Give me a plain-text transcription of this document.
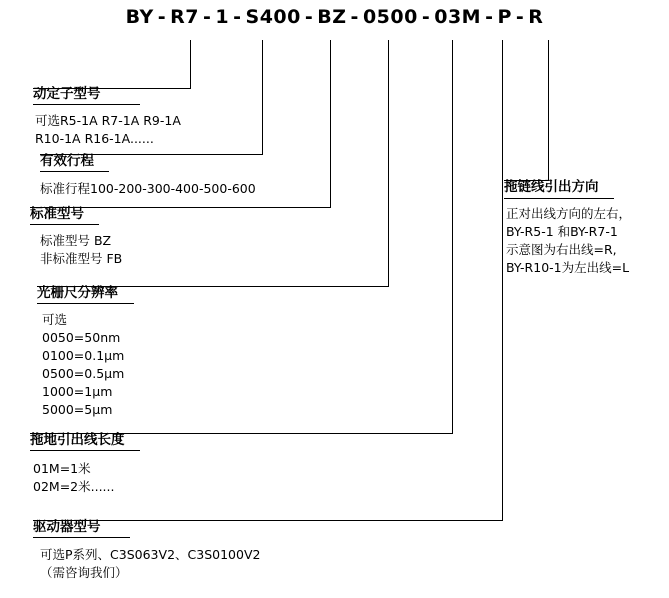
BY - R7 - 1 - S400 - BZ - 0500 - 03M - P - R
动定子型号
可选R5-1A R7-1A R9-1A
R10-1A R16-1A......
有效行程
标准行程100-200-300-400-500-600
标准型号
标准型号 BZ
非标准型号 FB
光栅尺分辨率
可选
0050=50nm
0100=0.1μm
0500=0.5μm
1000=1μm
5000=5μm
拖地引出线长度
01M=1米
02M=2米......
驱动器型号
可选P系列、C3S063V2、C3S0100V2
（需咨询我们）
拖链线引出方向
正对出线方向的左右，
BY-R5-1 和BY-R7-1
示意图为右出线=R,
BY-R10-1为左出线=L
